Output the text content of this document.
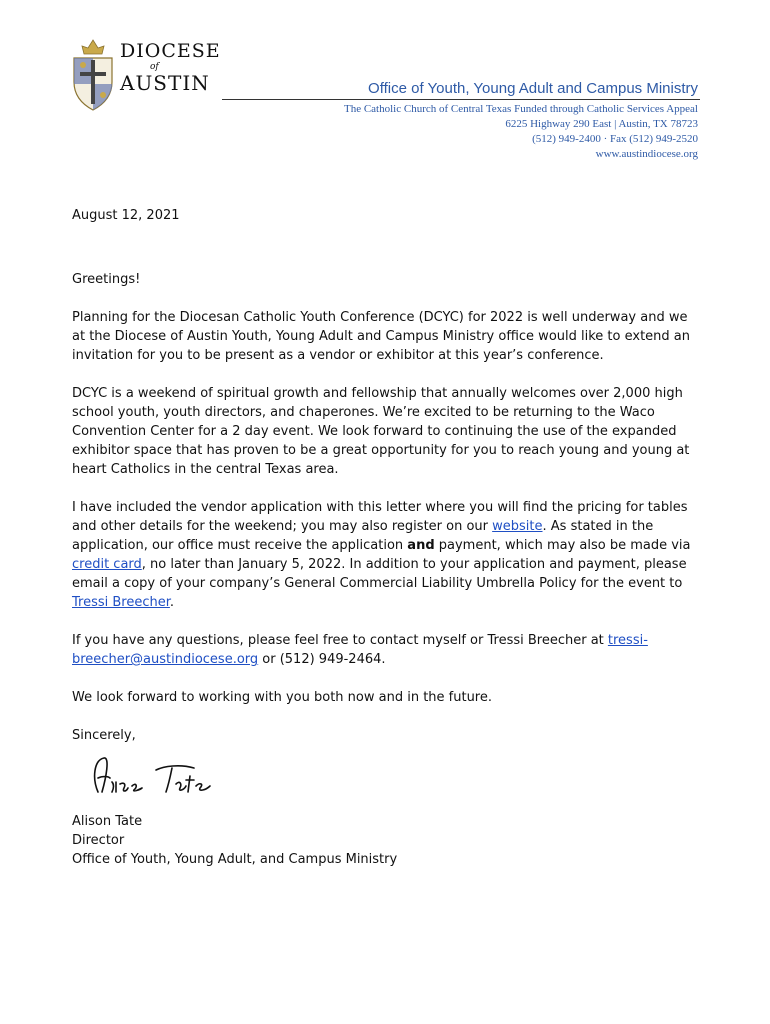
DIOCESE
of
AUSTIN	Office of Youth, Young Adult and Campus Ministry
The Catholic Church of Central Texas Funded through Catholic Services Appeal
6225 Highway 290 East | Austin, TX 78723
(512) 949-2400 · Fax (512) 949-2520
www.austindiocese.org

August 12, 2021

Greetings!

Planning for the Diocesan Catholic Youth Conference (DCYC) for 2022 is well underway and we at the Diocese of Austin Youth, Young Adult and Campus Ministry office would like to extend an invitation for you to be present as a vendor or exhibitor at this year’s conference.

DCYC is a weekend of spiritual growth and fellowship that annually welcomes over 2,000 high school youth, youth directors, and chaperones. We’re excited to be returning to the Waco Convention Center for a 2 day event. We look forward to continuing the use of the expanded exhibitor space that has proven to be a great opportunity for you to reach young and young at heart Catholics in the central Texas area.

I have included the vendor application with this letter where you will find the pricing for tables and other details for the weekend; you may also register on our website. As stated in the application, our office must receive the application and payment, which may also be made via credit card, no later than January 5, 2022. In addition to your application and payment, please email a copy of your company’s General Commercial Liability Umbrella Policy for the event to Tressi Breecher.

If you have any questions, please feel free to contact myself or Tressi Breecher at tressi-breecher@austindiocese.org or (512) 949-2464.

We look forward to working with you both now and in the future.

Sincerely,

Alison Tate
Director
Office of Youth, Young Adult, and Campus Ministry
